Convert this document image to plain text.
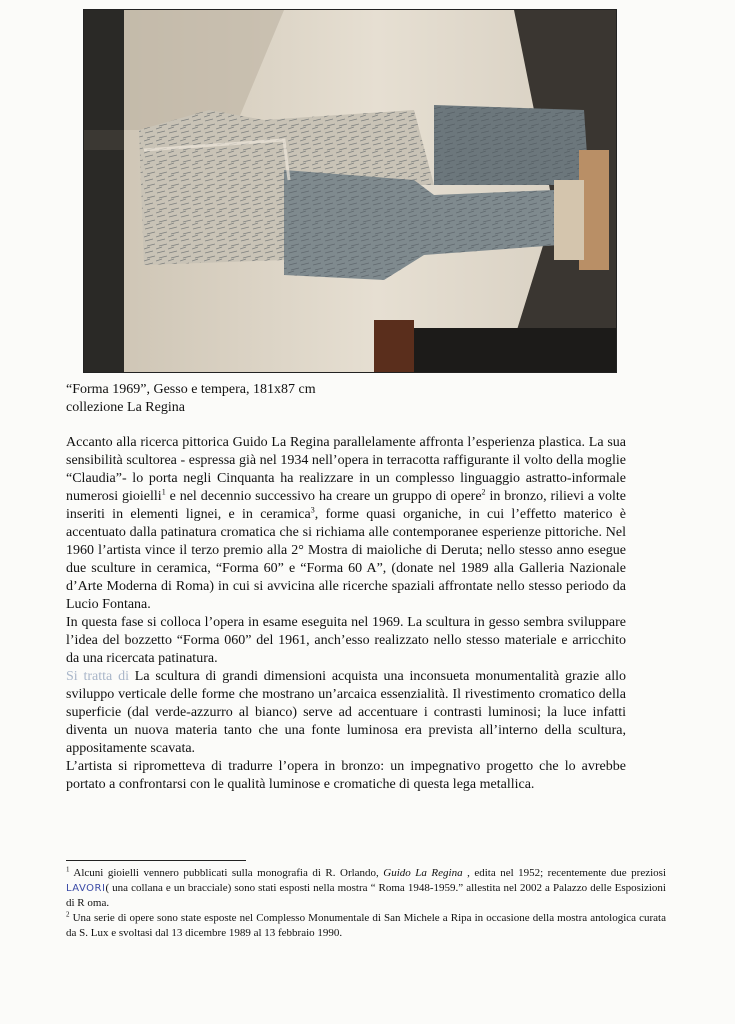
“Forma 1969”, Gesso e tempera, 181x87 cm
collezione La Regina

Accanto alla ricerca pittorica Guido La Regina parallelamente affronta l’esperienza plastica. La sua sensibilità scultorea - espressa già nel 1934 nell’opera in terracotta raffigurante il volto della moglie “Claudia”- lo porta negli Cinquanta ha realizzare in un complesso linguaggio astratto-informale numerosi gioielli$^1$ e nel decennio successivo ha creare un gruppo di opere$^2$ in bronzo, rilievi a volte inseriti in elementi lignei, e in ceramica$^3$, forme quasi organiche, in cui l’effetto materico è accentuato dalla patinatura cromatica che si richiama alle contemporanee esperienze pittoriche. Nel 1960 l’artista vince il terzo premio alla 2° Mostra di maioliche di Deruta; nello stesso anno esegue due sculture in ceramica, “Forma 60” e “Forma 60 A”, (donate nel 1989 alla Galleria Nazionale d’Arte Moderna di Roma) in cui si avvicina alle ricerche spaziali affrontate nello stesso periodo da Lucio Fontana.

In questa fase si colloca l’opera in esame eseguita nel 1969. La scultura in gesso sembra sviluppare l’idea del bozzetto “Forma 060” del 1961, anch’esso realizzato nello stesso materiale e arricchito da una ricercata patinatura.

Si tratta di La scultura di grandi dimensioni acquista una inconsueta monumentalità grazie allo sviluppo verticale delle forme che mostrano un’arcaica essenzialità. Il rivestimento cromatico della superficie (dal verde-azzurro al bianco) serve ad accentuare i contrasti luminosi; la luce infatti diventa un nuova materia tanto che una fonte luminosa era prevista all’interno della scultura, appositamente scavata.

L’artista si riprometteva di tradurre l’opera in bronzo: un impegnativo progetto che lo avrebbe portato a confrontarsi con le qualità luminose e cromatiche di questa lega metallica.

$^1$ Alcuni gioielli vennero pubblicati sulla monografia di R. Orlando, Guido La Regina , edita nel 1952; recentemente due preziosi LAVORI( una collana e un bracciale) sono stati esposti nella mostra “ Roma 1948-1959.” allestita nel 2002 a Palazzo delle Esposizioni di R oma.

$^2$ Una serie di opere sono state esposte nel Complesso Monumentale di San Michele a Ripa in occasione della mostra antologica curata da S. Lux e svoltasi dal 13 dicembre 1989 al 13 febbraio 1990.
